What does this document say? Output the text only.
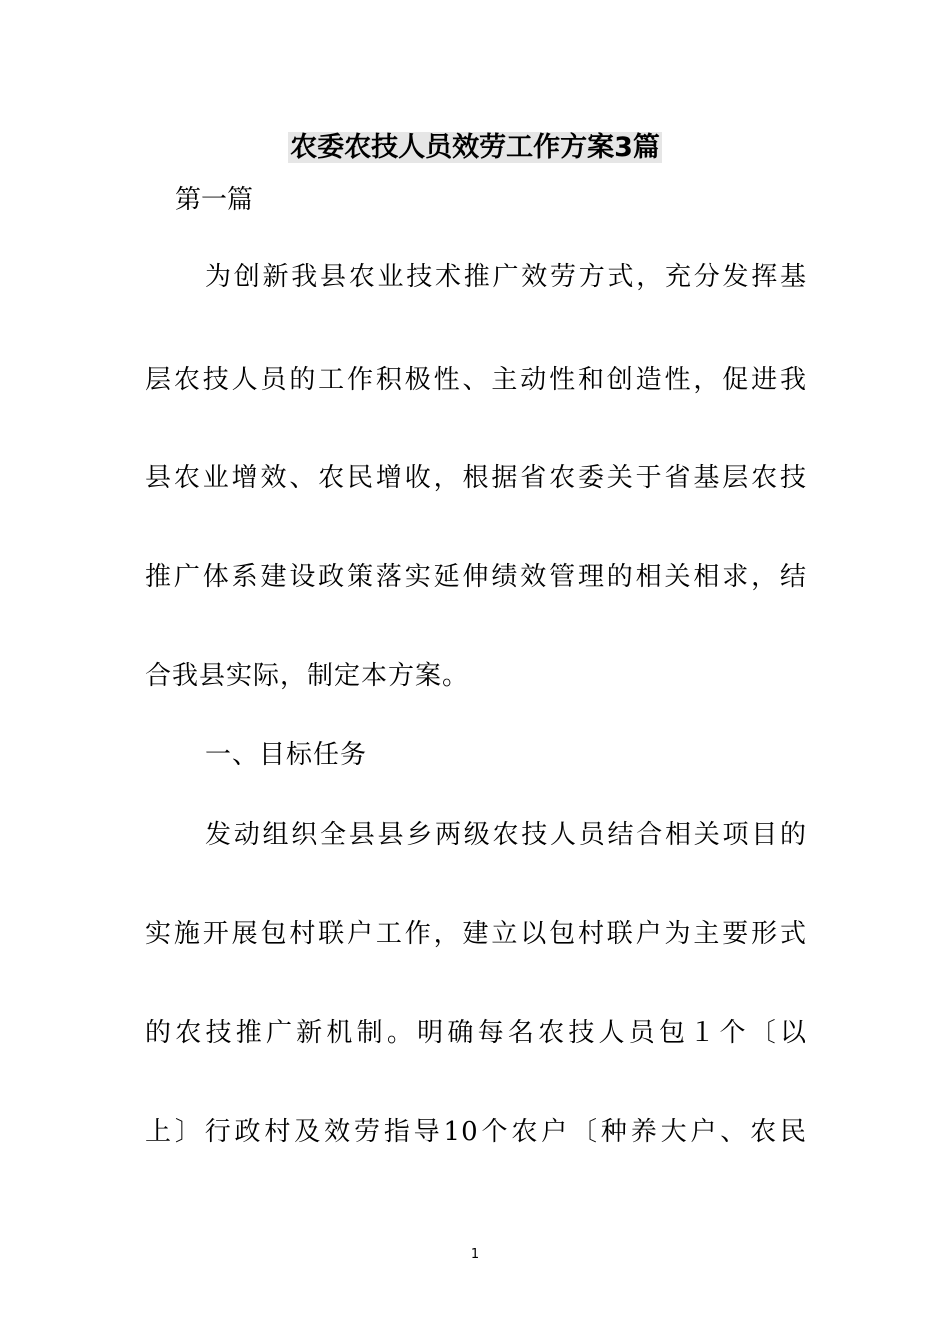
农委农技人员效劳工作方案3篇
第一篇
为创新我县农业技术推广效劳方式，充分发挥基
层农技人员的工作积极性、主动性和创造性，促进我
县农业增效、农民增收，根据省农委关于省基层农技
推广体系建设政策落实延伸绩效管理的相关相求，结
合我县实际，制定本方案。
一、目标任务
发动组织全县县乡两级农技人员结合相关项目的
实施开展包村联户工作，建立以包村联户为主要形式
的农技推广新机制。明确每名农技人员包１个〔以
上〕行政村及效劳指导10个农户〔种养大户、农民
1
